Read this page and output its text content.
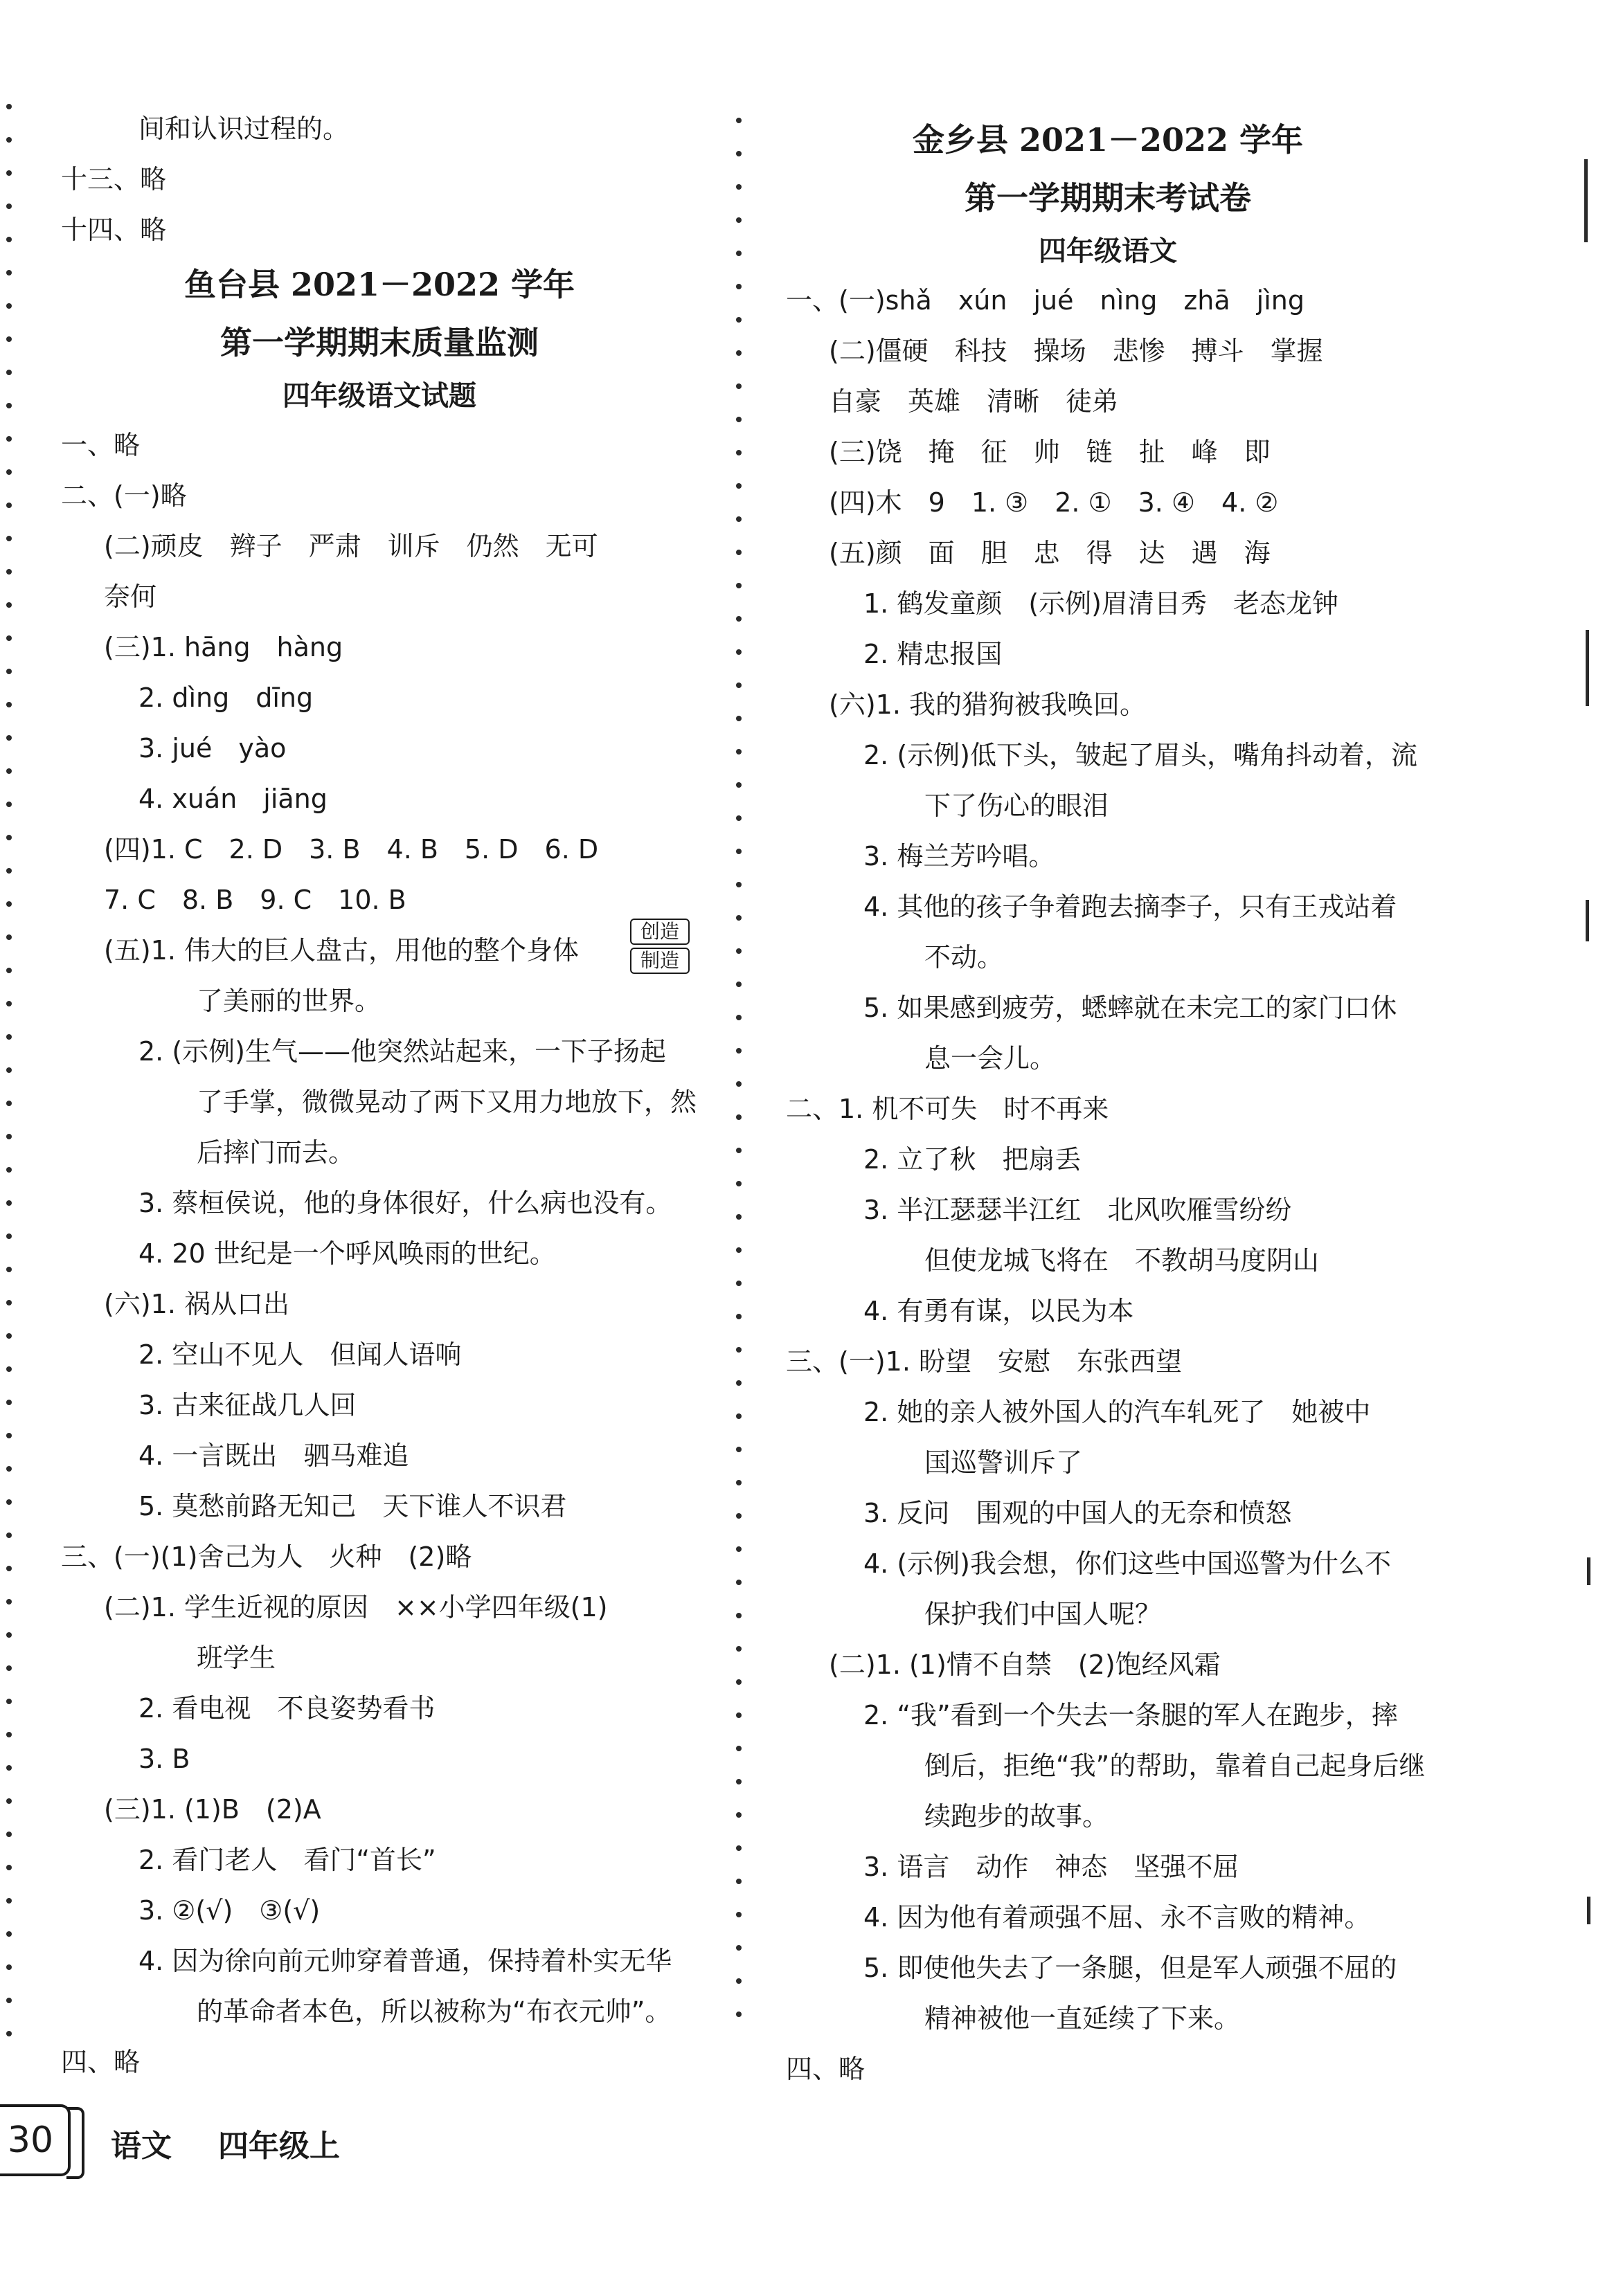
间和认识过程的。
十三、略
十四、略
鱼台县 2021－2022 学年
第一学期期末质量监测
四年级语文试题
一、略
二、(一)略
(二)顽皮　辫子　严肃　训斥　仍然　无可
奈何
(三)1. hāng　hàng
2. dìng　dīng
3. jué　yào
4. xuán　jiāng
(四)1. C　2. D　3. B　4. B　5. D　6. D
7. C　8. B　9. C　10. B
创造
制造
(五)1. 伟大的巨人盘古，用他的整个身体
了美丽的世界。
2. (示例)生气——他突然站起来，一下子扬起
了手掌，微微晃动了两下又用力地放下，然
后摔门而去。
3. 蔡桓侯说，他的身体很好，什么病也没有。
4. 20 世纪是一个呼风唤雨的世纪。
(六)1. 祸从口出
2. 空山不见人　但闻人语响
3. 古来征战几人回
4. 一言既出　驷马难追
5. 莫愁前路无知己　天下谁人不识君
三、(一)(1)舍己为人　火种　(2)略
(二)1. 学生近视的原因　××小学四年级(1)
班学生
2. 看电视　不良姿势看书
3. B
(三)1. (1)B　(2)A
2. 看门老人　看门“首长”
3. ②(√)　③(√)
4. 因为徐向前元帅穿着普通，保持着朴实无华
的革命者本色，所以被称为“布衣元帅”。
四、略
金乡县 2021－2022 学年
第一学期期末考试卷
四年级语文
一、(一)shǎ　xún　jué　nìng　zhā　jìng
(二)僵硬　科技　操场　悲惨　搏斗　掌握
自豪　英雄　清晰　徒弟
(三)饶　掩　征　帅　链　扯　峰　即
(四)木　9　1. ③　2. ①　3. ④　4. ②
(五)颜　面　胆　忠　得　达　遇　海
1. 鹤发童颜　(示例)眉清目秀　老态龙钟
2. 精忠报国
(六)1. 我的猎狗被我唤回。
2. (示例)低下头，皱起了眉头，嘴角抖动着，流
下了伤心的眼泪
3. 梅兰芳吟唱。
4. 其他的孩子争着跑去摘李子，只有王戎站着
不动。
5. 如果感到疲劳，蟋蟀就在未完工的家门口休
息一会儿。
二、1. 机不可失　时不再来
2. 立了秋　把扇丢
3. 半江瑟瑟半江红　北风吹雁雪纷纷
但使龙城飞将在　不教胡马度阴山
4. 有勇有谋，以民为本
三、(一)1. 盼望　安慰　东张西望
2. 她的亲人被外国人的汽车轧死了　她被中
国巡警训斥了
3. 反问　围观的中国人的无奈和愤怒
4. (示例)我会想，你们这些中国巡警为什么不
保护我们中国人呢？
(二)1. (1)情不自禁　(2)饱经风霜
2. “我”看到一个失去一条腿的军人在跑步，摔
倒后，拒绝“我”的帮助，靠着自己起身后继
续跑步的故事。
3. 语言　动作　神态　坚强不屈
4. 因为他有着顽强不屈、永不言败的精神。
5. 即使他失去了一条腿，但是军人顽强不屈的
精神被他一直延续了下来。
四、略
30	语文 四年级上
